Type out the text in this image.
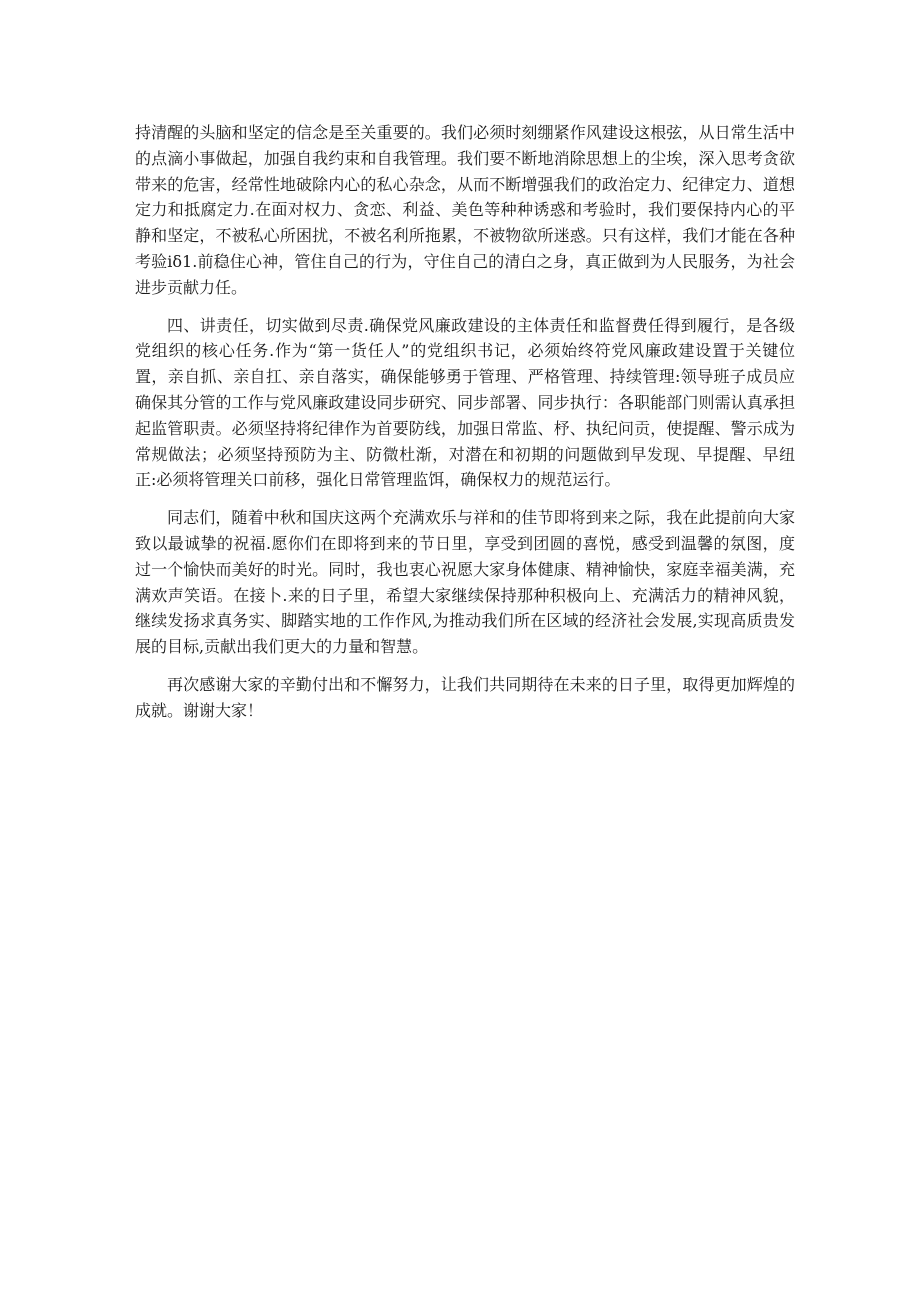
持清醒的头脑和坚定的信念是至关重要的。我们必须时刻绷紧作风建设这根弦，从日常生活中的点滴小事做起，加强自我约束和自我管理。我们要不断地消除思想上的尘埃，深入思考贪欲带来的危害，经常性地破除内心的私心杂念，从而不断增强我们的政治定力、纪律定力、道想定力和抵腐定力.在面对权力、贪恋、利益、美色等种种诱惑和考验时，我们要保持内心的平静和坚定，不被私心所困扰，不被名利所拖累，不被物欲所迷惑。只有这样，我们才能在各种考验iδ1.前稳住心神，管住自己的行为，守住自己的清白之身，真正做到为人民服务，为社会进步贡献力任。

四、讲责任，切实做到尽责.确保党风廉政建设的主体责任和监督费任得到履行，是各级党组织的核心任务.作为“第一货任人”的党组织书记，必须始终符党风廉政建设置于关键位置，亲自抓、亲自扛、亲自落实，确保能够勇于管理、严格管理、持续管理:领导班子成员应确保其分管的工作与党风廉政建设同步研究、同步部署、同步执行：各职能部门则需认真承担起监管职责。必须坚持将纪律作为首要防线，加强日常监、杼、执纪问贡，使提醒、警示成为常规做法；必须坚持预防为主、防微杜渐，对潜在和初期的问题做到早发现、早提醒、早纽正:必须将管理关口前移，强化日常管理监饵，确保权力的规范运行。

同志们，随着中秋和国庆这两个充满欢乐与祥和的佳节即将到来之际，我在此提前向大家致以最诚挚的祝福.愿你们在即将到来的节日里，享受到团圆的喜悦，感受到温馨的氛图，度过一个愉快而美好的时光。同时，我也衷心祝愿大家身体健康、精神愉快，家庭幸福美满，充满欢声笑语。在接卜.来的日子里，希望大家继续保持那种积极向上、充满活力的精神风貌，继续发扬求真务实、脚踏实地的工作作风,为推动我们所在区域的经济社会发展,实现高质贵发展的目标,贡献出我们更大的力量和智慧。

再次感谢大家的辛勤付出和不懈努力，让我们共同期待在未来的日子里，取得更加辉煌的成就。谢谢大家！
